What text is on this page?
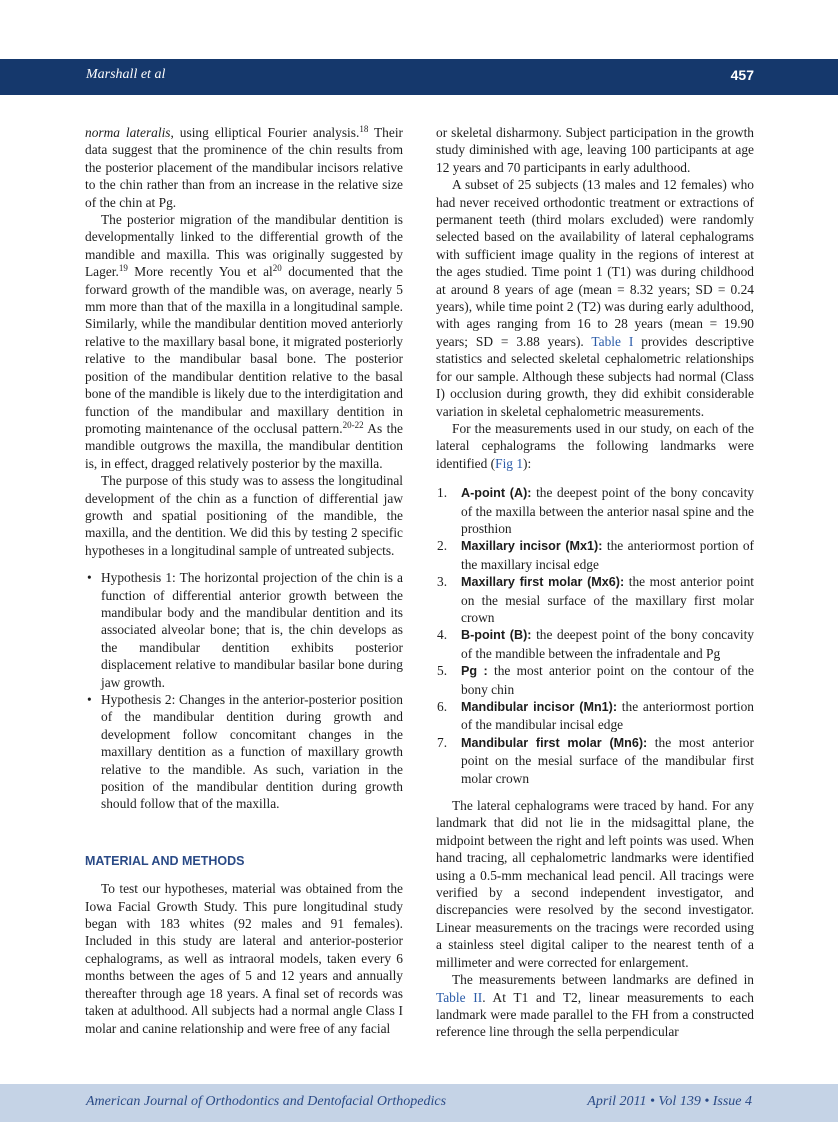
Marshall et al	457

norma lateralis, using elliptical Fourier analysis.$^{18}$ Their data suggest that the prominence of the chin results from the posterior placement of the mandibular incisors relative to the chin rather than from an increase in the relative size of the chin at Pg.

The posterior migration of the mandibular dentition is developmentally linked to the differential growth of the mandible and maxilla. This was originally suggested by Lager.$^{19}$ More recently You et $al^{20}$ documented that the forward growth of the mandible was, on average, nearly 5 mm more than that of the maxilla in a longitudinal sample. Similarly, while the mandibular dentition moved anteriorly relative to the maxillary basal bone, it migrated posteriorly relative to the mandibular basal bone. The posterior position of the mandibular dentition relative to the basal bone of the mandible is likely due to the interdigitation and function of the mandibular and maxillary dentition in promoting maintenance of the occlusal pattern.$^{20-22}$ As the mandible outgrows the maxilla, the mandibular dentition is, in effect, dragged relatively posterior by the maxilla.

The purpose of this study was to assess the longitudinal development of the chin as a function of differential jaw growth and spatial positioning of the mandible, the maxilla, and the dentition. We did this by testing 2 specific hypotheses in a longitudinal sample of untreated subjects.

• Hypothesis 1: The horizontal projection of the chin is a function of differential anterior growth between the mandibular body and the mandibular dentition and its associated alveolar bone; that is, the chin develops as the mandibular dentition exhibits posterior displacement relative to mandibular basilar bone during jaw growth.
• Hypothesis 2: Changes in the anterior-posterior position of the mandibular dentition during growth and development follow concomitant changes in the maxillary dentition as a function of maxillary growth relative to the mandible. As such, variation in the position of the mandibular dentition during growth should follow that of the maxilla.
MATERIAL AND METHODS

To test our hypotheses, material was obtained from the Iowa Facial Growth Study. This pure longitudinal study began with 183 whites (92 males and 91 females). Included in this study are lateral and anterior-posterior cephalograms, as well as intraoral models, taken every 6 months between the ages of 5 and 12 years and annually thereafter through age 18 years. A final set of records was taken at adulthood. All subjects had a normal angle Class I molar and canine relationship and were free of any facial

or skeletal disharmony. Subject participation in the growth study diminished with age, leaving 100 participants at age 12 years and 70 participants in early adulthood.

A subset of 25 subjects (13 males and 12 females) who had never received orthodontic treatment or extractions of permanent teeth (third molars excluded) were randomly selected based on the availability of lateral cephalograms with sufficient image quality in the regions of interest at the ages studied. Time point 1 (T1) was during childhood at around 8 years of age (mean = 8.32 years; SD = 0.24 years), while time point 2 (T2) was during early adulthood, with ages ranging from 16 to 28 years (mean = 19.90 years; SD = 3.88 years). Table I provides descriptive statistics and selected skeletal cephalometric relationships for our sample. Although these subjects had normal (Class I) occlusion during growth, they did exhibit considerable variation in skeletal cephalometric measurements.

For the measurements used in our study, on each of the lateral cephalograms the following landmarks were identified (Fig 1):

1. A-point (A): the deepest point of the bony concavity of the maxilla between the anterior nasal spine and the prosthion
2. Maxillary incisor (Mx1): the anteriormost portion of the maxillary incisal edge
3. Maxillary first molar (Mx6): the most anterior point on the mesial surface of the maxillary first molar crown
4. B-point (B): the deepest point of the bony concavity of the mandible between the infradentale and Pg
5. Pg : the most anterior point on the contour of the bony chin
6. Mandibular incisor (Mn1): the anteriormost portion of the mandibular incisal edge
7. Mandibular first molar (Mn6): the most anterior point on the mesial surface of the mandibular first molar crown

The lateral cephalograms were traced by hand. For any landmark that did not lie in the midsagittal plane, the midpoint between the right and left points was used. When hand tracing, all cephalometric landmarks were identified using a 0.5-mm mechanical lead pencil. All tracings were verified by a second independent investigator, and discrepancies were resolved by the second investigator. Linear measurements on the tracings were recorded using a stainless steel digital caliper to the nearest tenth of a millimeter and were corrected for enlargement.

The measurements between landmarks are defined in Table II. At T1 and T2, linear measurements to each landmark were made parallel to the FH from a constructed reference line through the sella perpendicular

American Journal of Orthodontics and Dentofacial Orthopedics	April 2011 • Vol 139 • Issue 4
